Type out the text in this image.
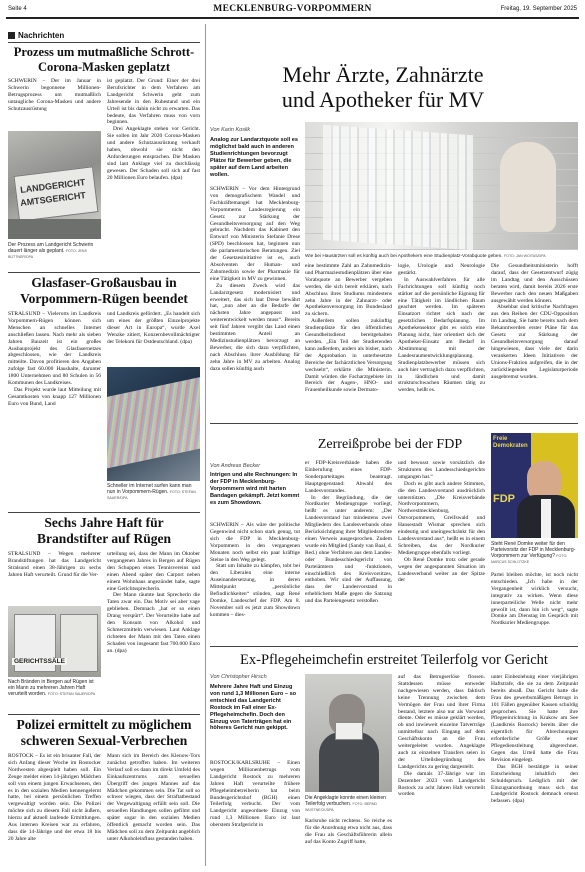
Seite 4	MECKLENBURG-VORPOMMERN	Freitag, 19. September 2025
Nachrichten
Prozess um mutmaßliche Schrott-Corona-Masken geplatzt

SCHWERIN – Der im Januar in Schwerin begonnene Millionen-Betrugsprozess um mutmaßlich untaugliche Corona-Masken und andere Schutzausrüstung

LANDGERICHT
AMTSGERICHT
Der Prozess am Landgericht Schwerin dauert länger als geplant. FOTO: JENS BÜTTNER/DPA

ist geplatzt. Der Grund: Einer der drei Berufsrichter in dem Verfahren am Landgericht Schwerin geht zum Jahresende in den Ruhestand und ein Urteil ist bis dahin nicht zu erwarten. Das bedeute, das Verfahren muss von vorn beginnen.

Drei Angeklagte stehen vor Gericht. Sie sollen im Jahr 2020 Corona-Masken und andere Schutzausrüstung verkauft haben, obwohl sie nicht den Anforderungen entsprachen. Die Masken sind laut Anklage viel zu durchlässig gewesen. Der Schaden soll sich auf fast 20 Millionen Euro belaufen. (dpa)

Glasfaser-Großausbau in Vorpommern-Rügen beendet

STRALSUND – Vielerorts im Landkreis Vorpommern-Rügen können sich Menschen an schnelles Internet anschließen lassen. Nach mehr als sieben Jahren Bauzeit ist ein großes Ausbauprojekt des Glasfasernetzes abgeschlossen, wie der Landkreis mitteilte. Davon profitieren den Angaben zufolge fast 60.000 Haushalte, darunter 1800 Unternehmen und 80 Schulen in 56 Kommunen des Landkreises.

Das Projekt wurde laut Mitteilung mit Gesamtkosten von knapp 127 Millionen Euro von Bund, Land

und Landkreis gefördert. „Es handelt sich um eines der größten Einzelprojekte dieser Art in Europa“, wurde Axel Wenzke zitiert, Konzernbevollmächtigter der Telekom für Ostdeutschland. (dpa)

Schneller im Internet surfen kann man nun in Vorpommern-Rügen. FOTO: STEFAN SAUER/DPA
Sechs Jahre Haft für Brandstifter auf Rügen

STRALSUND – Wegen mehrerer Brandstiftungen hat das Landgericht Stralsund einen 38-Jährigen zu sechs Jahren Haft verurteilt. Grund für die Ver-

GERICHTSSÄLE
Nach Bränden in Bergen auf Rügen ist ein Mann zu mehreren Jahren Haft verurteilt worden. FOTO: STEFAN SAUER/DPA

urteilung sei, dass der Mann im Oktober vergangenen Jahres in Bergen auf Rügen den Schuppen eines Tennisvereins und einen Abend später den Carport neben einem Wohnhaus angezündet habe, sagte eine Gerichtssprecherin.

Der Mann räumte laut Sprecherin die Taten zwar ein. Das Motiv sei aber vage geblieben. Demnach „hat er so einen Drang verspürt“. Der Verurteilte habe auf den Konsum von Alkohol und Schmerzmitteln verwiesen. Laut Anklage richteten der Mann mit den Taten einen Schaden von insgesamt fast 700.000 Euro an. (dpa)

Polizei ermittelt zu möglichem schweren Sexual-Verbrechen

ROSTOCK – Es ist ein brisanter Fall, der sich Anfang dieser Woche im Rostocker Nordwesten abgespielt haben soll. Ein Zeuge meldet einen 14-jährigen Mädchen soll von einem jungen Erwachsenen, den es in den sozialen Medien kennengelernt hatte, bei einem persönlichen Treffen vergewaltigt worden sein. Die Polizei möchte sich zu diesem Fall nicht äußern, hierzu auf aktuell laufende Ermittlungen. Aus internen Kreisen war zu erfahren, dass die 14-Jährige und der etwa 18 bis 20 Jahre alte

Mann sich im Bereich des Klenow-Tors zunächst getroffen haben. Im weiteren Verlauf soll es dann im direkt Umfeld des Einkaufszentrums zum sexuellen Übergriff des jungen Mannes auf das Mädchen gekommen sein. Die Tat soll so schwer wiegen, dass der Straftatbestand der Vergewaltigung erfüllt sein soll. Die sexuellen Handlungen sollen gefilmt und später sogar in den sozialen Medien öffentlich gemacht worden sein. Das Mädchen soll zu dem Zeitpunkt angeblich unter Alkoholeinfluss gestanden haben.

Mehr Ärzte, Zahnärzte und Apotheker für MV
Von Karin Koslik
Analog zur Landarztquote soll es möglichst bald auch in anderen Studienrichtungen bevorzugt Plätze für Bewerber geben, die später auf dem Land arbeiten wollen.

SCHWERIN – Vor dem Hintergrund von demografischem Wandel und Fachkräftemangel hat Mecklenburg-Vorpommerns Landesregierung ein Gesetz zur Stärkung der Gesundheitsversorgung auf den Weg gebracht. Nachdem das Kabinett den Entwurf von Ministerin Stefanie Drese (SPD) beschlossen hat, beginnen nun die parlamentarischen Beratungen. Ziel der Gesetzesinitiative ist es, auch Absolventen der Human- und Zahnmedizin sowie der Pharmazie für eine Tätigkeit in MV zu gewinnen.

Zu diesem Zweck wird das Landarztgesetz modernisiert und erweitert, das sich laut Drese bewährt hat, „nun aber an die Bedarfe der nächsten Jahre angepasst und weiterentwickelt werden muss“. Bereits seit fünf Jahren vergibt das Land einen bestimmten Anteil an Medizinstudienplätzen bevorzugt an Bewerber, die sich dazu verpflichten, nach Abschluss ihrer Ausbildung für zehn Jahre in MV zu arbeiten. Analog dazu sollen künftig auch

Wie bei Hausärzten soll es künftig auch bei Apothekern eine Studienplatz-Vorabquote geben. FOTO: JAN WOITAS/DPA

eine bestimmte Zahl an Zahnmedizin- und Pharmaziestudienplätzen über eine Vorabquote an Bewerber vergeben werden, die sich bereit erklären, nach Abschluss ihres Studiums mindestens zehn Jahre in der Zahnarzt- oder Apothekenversorgung im Bundesland zu sichern.

Außerdem sollen zukünftig Studienplätze für den öffentlichen Gesundheitsdienst bereitgehalten werden. „Ein Teil der Studierenden kann außerdem, anders als bisher, nach der Approbation in unterbesetzte Bereiche der fachärztlichen Versorgung wechseln“, erklärte die Ministerin. Damit würden die Facharztgebiete im Bereich der Augen-, HNO- und Frauenheilkunde sowie Dermato-

logie, Urologie und Neurologie gestärkt.

In Auswahlverfahren für alle Fachrichtungen soll künftig noch stärker auf die persönliche Eignung für eine Tätigkeit im ländlichen Raum geachtet werden. Im späteren Einsatzort richtet sich nach der gesetzlichen Bedarfsplanung. Im Apothekensektor gibt es solch eine Planung nicht, hier orientiert sich der Apotheker-Einsatz am Bedarf in Abstimmung mit der Landesraumentwicklungsplanung. Studienplatzbewerber müssen sich auch hier vertraglich dazu verpflichten, in ländlichen und damit strukturschwachen Räumen tätig zu werden, heißt es.

Die Gesundheitsministerin hofft darauf, dass der Gesetzentwurf zügig im Landtag und den Ausschüssen beraten wird, damit bereits 2026 erste Bewerber nach den neuen Maßgaben ausgewählt werden können.

Absehbar sind kritische Nachfragen aus den Reihen der CDU-Opposition im Landtag. Sie hatte bereits nach dem Bekanntwerden erster Pläne für das Gesetz zur Stärkung der Gesundheitsversorgung darauf hingewiesen, dass viele der darin verankerten Ideen Initiativen der Unions-Fraktion aufgreifen, die in der zurückliegenden Legislaturperiode ausgebremst wurden.

Zerreißprobe bei der FDP
Von Andreas Becker
Intrigen und alte Rechnungen: In der FDP in Mecklenburg-Vorpommern wird mit harten Bandagen gekämpft. Jetzt kommt es zum Showdown.

SCHWERIN – Als wäre der politische Gegenwind nicht schon stark genug, tut sich die FDP in Mecklenburg-Vorpommern in den vergangenen Monaten noch selbst ein paar kräftige Steine in den Weg gelegt.

Statt um Inhalte zu kämpfen, tobt bei den Liberalen eine interne Auseinandersetzung, in deren Mittelpunkt „persönliche Befindlichkeiten“ stünden, sagt René Domke, Landeschef der FDP. Am 8. November soll es jetzt zum Showdown kommen – dies-

er FDP-Kreisverbände haben die Einberufung eines FDP-Sonderparteitages beantragt. Hauptgegenstand: Abwahl des Landesvorstandes.

In der Begründung, die der Nordkurier Mediengruppe vorliegt, heißt es unter anderem: „Der Landesvorstand hat mindestens zwei Mitgliedern des Landesverbands ohne Berücksichtigung ihrer Mitgliedsrechte einen Verweis ausgesprochen. Zudem wurde ein Mitglied (Sandy van Baal, d. Red.) ohne Verfahren aus dem Landes- oder Bundesschiedsgericht von Parteiämtern und -funktionen, einschließlich des Kreisvorsitzes, enthoben. Wir sind der Auffassung, dass der Landesvorstand in erheblichem Maße gegen die Satzung und das Parteiengesetz verstoßen

und bewusst sowie vorsätzlich die Strukturen des Landesschiedsgerichts umgangen hat.“

Doch es gibt auch andere Stimmen, die den Landesvorstand ausdrücklich unterstützen. „Die Kreisverbände Nordvorpommern, Nordwestmecklenburg, Ostvorpommern, Greifswald und Hansestadt Wismar sprechen sich eindeutig und uneingeschränkt für den Landesvorstand aus“, heißt es in einem Schreiben, das der Nordkurier Mediengruppe ebenfalls vorliegt.

Ob René Domke trotz oder gerade wegen der angespannten Situation im Landesverband weiter an der Spitze der

Freie
Demokraten
FDP
Steht René Domke weiter für den Parteivorsitz der FDP in Mecklenburg-Vorpommern zur Verfügung? FOTO: MARCUS SCHLOTZKE

Partei bleiben möchte, ist noch nicht entschieden. „Ich habe in der Vergangenheit wirklich versucht, integrativ zu wirken. Wenn diese innerparteiliche Welle nicht mehr gewollt ist, dann bin ich weg“, sagte Domke am Dienstag im Gespräch mit Nordkurier Mediengruppe.

Ex-Pflegeheimchefin erstreitet Teilerfolg vor Gericht
Von Christopher Hirsch
Mehrere Jahre Haft und Einzug von rund 1,3 Millionen Euro – so entschied das Landgericht Rostock im Fall einer Ex-Pflegeheimchefin. Doch den Einzug von Taterträgen hat ein höheres Gericht nun gekippt.

ROSTOCK/KARLSRUHE – Einen wegen Millionenbetrugs vom Landgericht Rostock zu mehreren Jahren Haft verurteilte frühere Pflegeheimbetreiberin hat beim Bundesgerichtshof (BGH) einen Teilerfolg verbucht. Der vom Landgericht angeordnete Einzug von rund 1,3 Millionen Euro ist laut oberstem Strafgericht in

Die Angeklagte konnte einen kleinen Teilerfolg verbuchen. FOTO: BERND WÜSTNECK/DPA

Karlsruhe nicht rechtens. So reiche es für die Anordnung etwa nicht aus, dass die Frau als Geschäftsführerin allein auf das Konto Zugriff hatte,

auf das Betrugserlöse flossen. Stattdessen müsse entweder nachgewiesen werden, dass faktisch keine Trennung zwischen dem Vermögen der Frau und ihrer Firma bestand, letztere also nur als Vorwand diente. Oder es müsse geklärt werden, ob und inwieweit einzelne Tatverträge unmittelbar nach Eingang auf dem Geschäftskonto an die Frau weitergeleitet wurden. Angeklagte auch zu einzelnen Transfers seien in der Urteilsbegründung des Landgerichts zu gering dargestellt.

Die damals 37-Jährige war im Dezember 2023 vom Landgericht Rostock zu acht Jahren Haft verurteilt worden

unter Einbeziehung einer vierjährigen Haftstrafe, die sie zu dem Zeitpunkt bereits absaß. Das Gericht hatte die Frau des gewerbsmäßigen Betrugs in 101 Fällen gegenüber Kassen schuldig gesprochen. Sie hatte ihre Pflegeeinrichtung in Krakow am See (Landkreis Rostock) bereits über die eigentlich für Abrechnungen erforderliche Größe einer Pflegedienstleitung abgerechnet. Gegen das Urteil hatte die Frau Revision eingelegt.

Das BGH bestätigte in seiner Entscheidung inhaltlich den Schuldspruch. Lediglich mit der Einzugsanordnung muss sich das Landgericht Rostock demnach erneut befassen. (dpa)
